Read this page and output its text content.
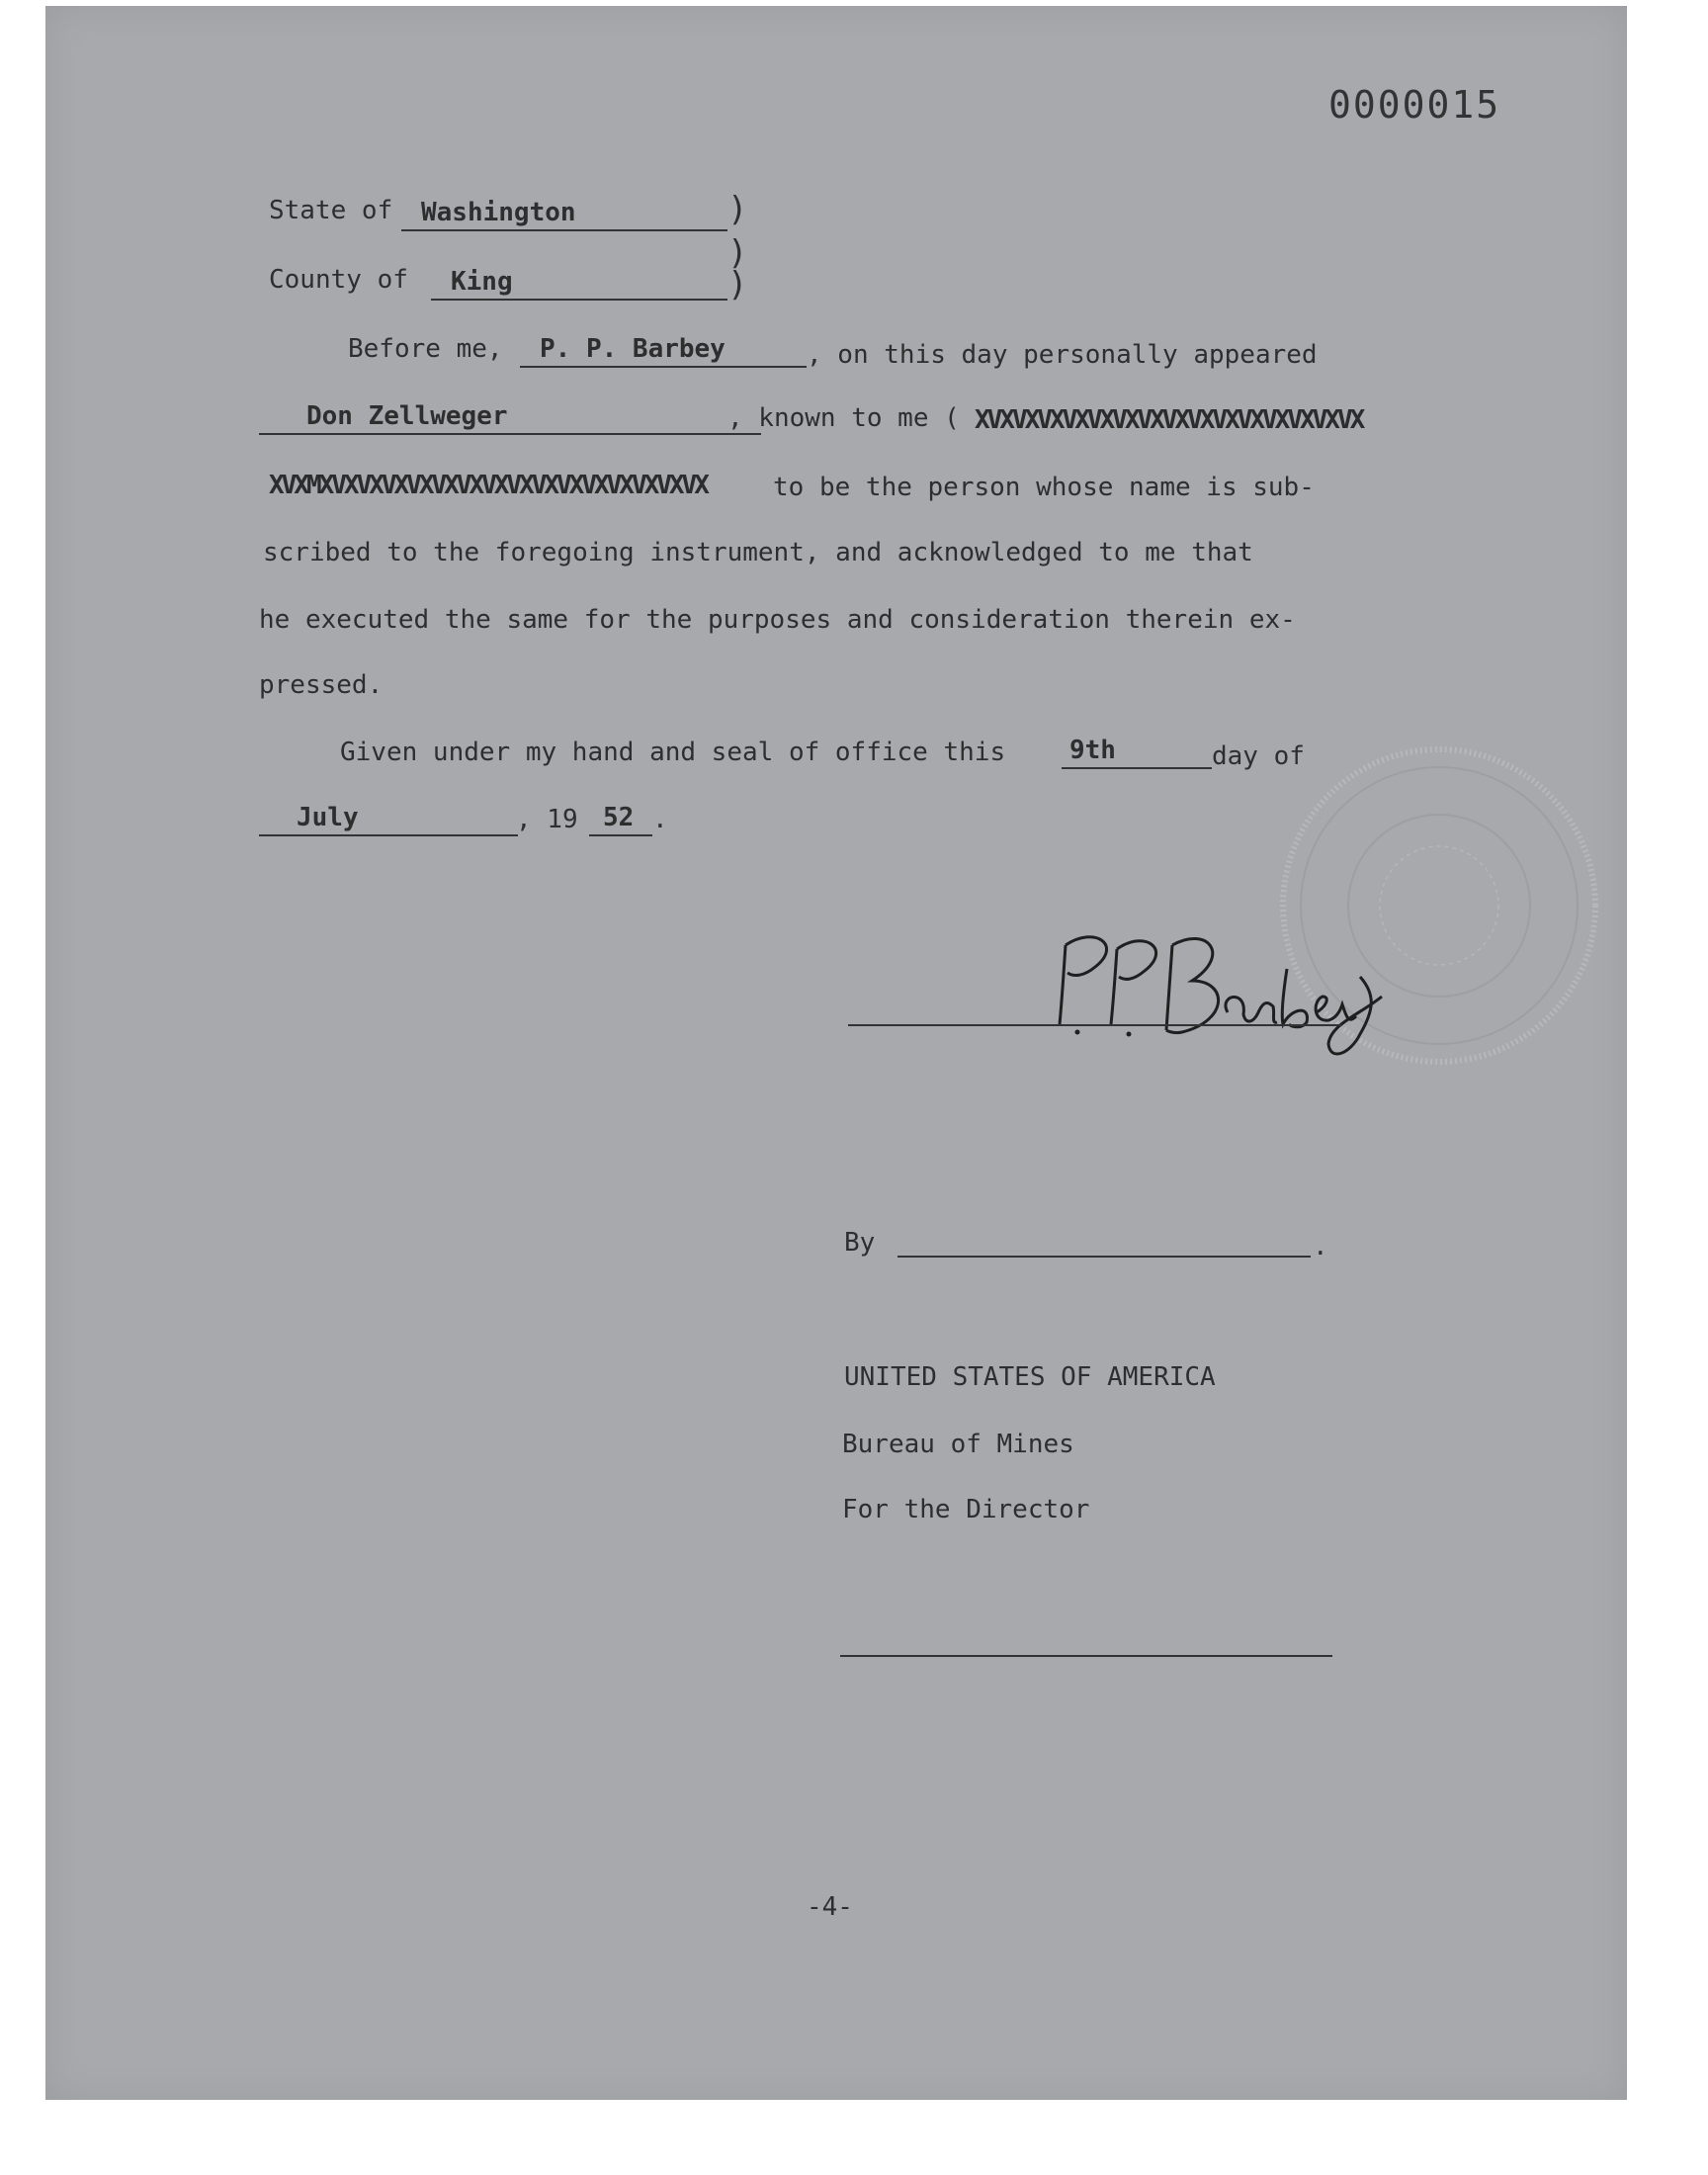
0000015
State of	Washington	)
County of	King
)
)
Before me,	P. P. Barbey	, on this day personally appeared
Don Zellweger	, known to me ( XVXVXVXVXVXVXVXVXVXVXVXVXVXVXVX
XVXMXVXVXVXVXVXVXVXVXVXVXVXVXVXVXVX	to be the person whose name is sub-
scribed to the foregoing instrument, and acknowledged to me that
he executed the same for the purposes and consideration therein ex-
pressed.
Given under my hand and seal of office this	9th	day of
July	, 19 52 .
By	.
UNITED STATES OF AMERICA
Bureau of Mines
For the Director
-4-
